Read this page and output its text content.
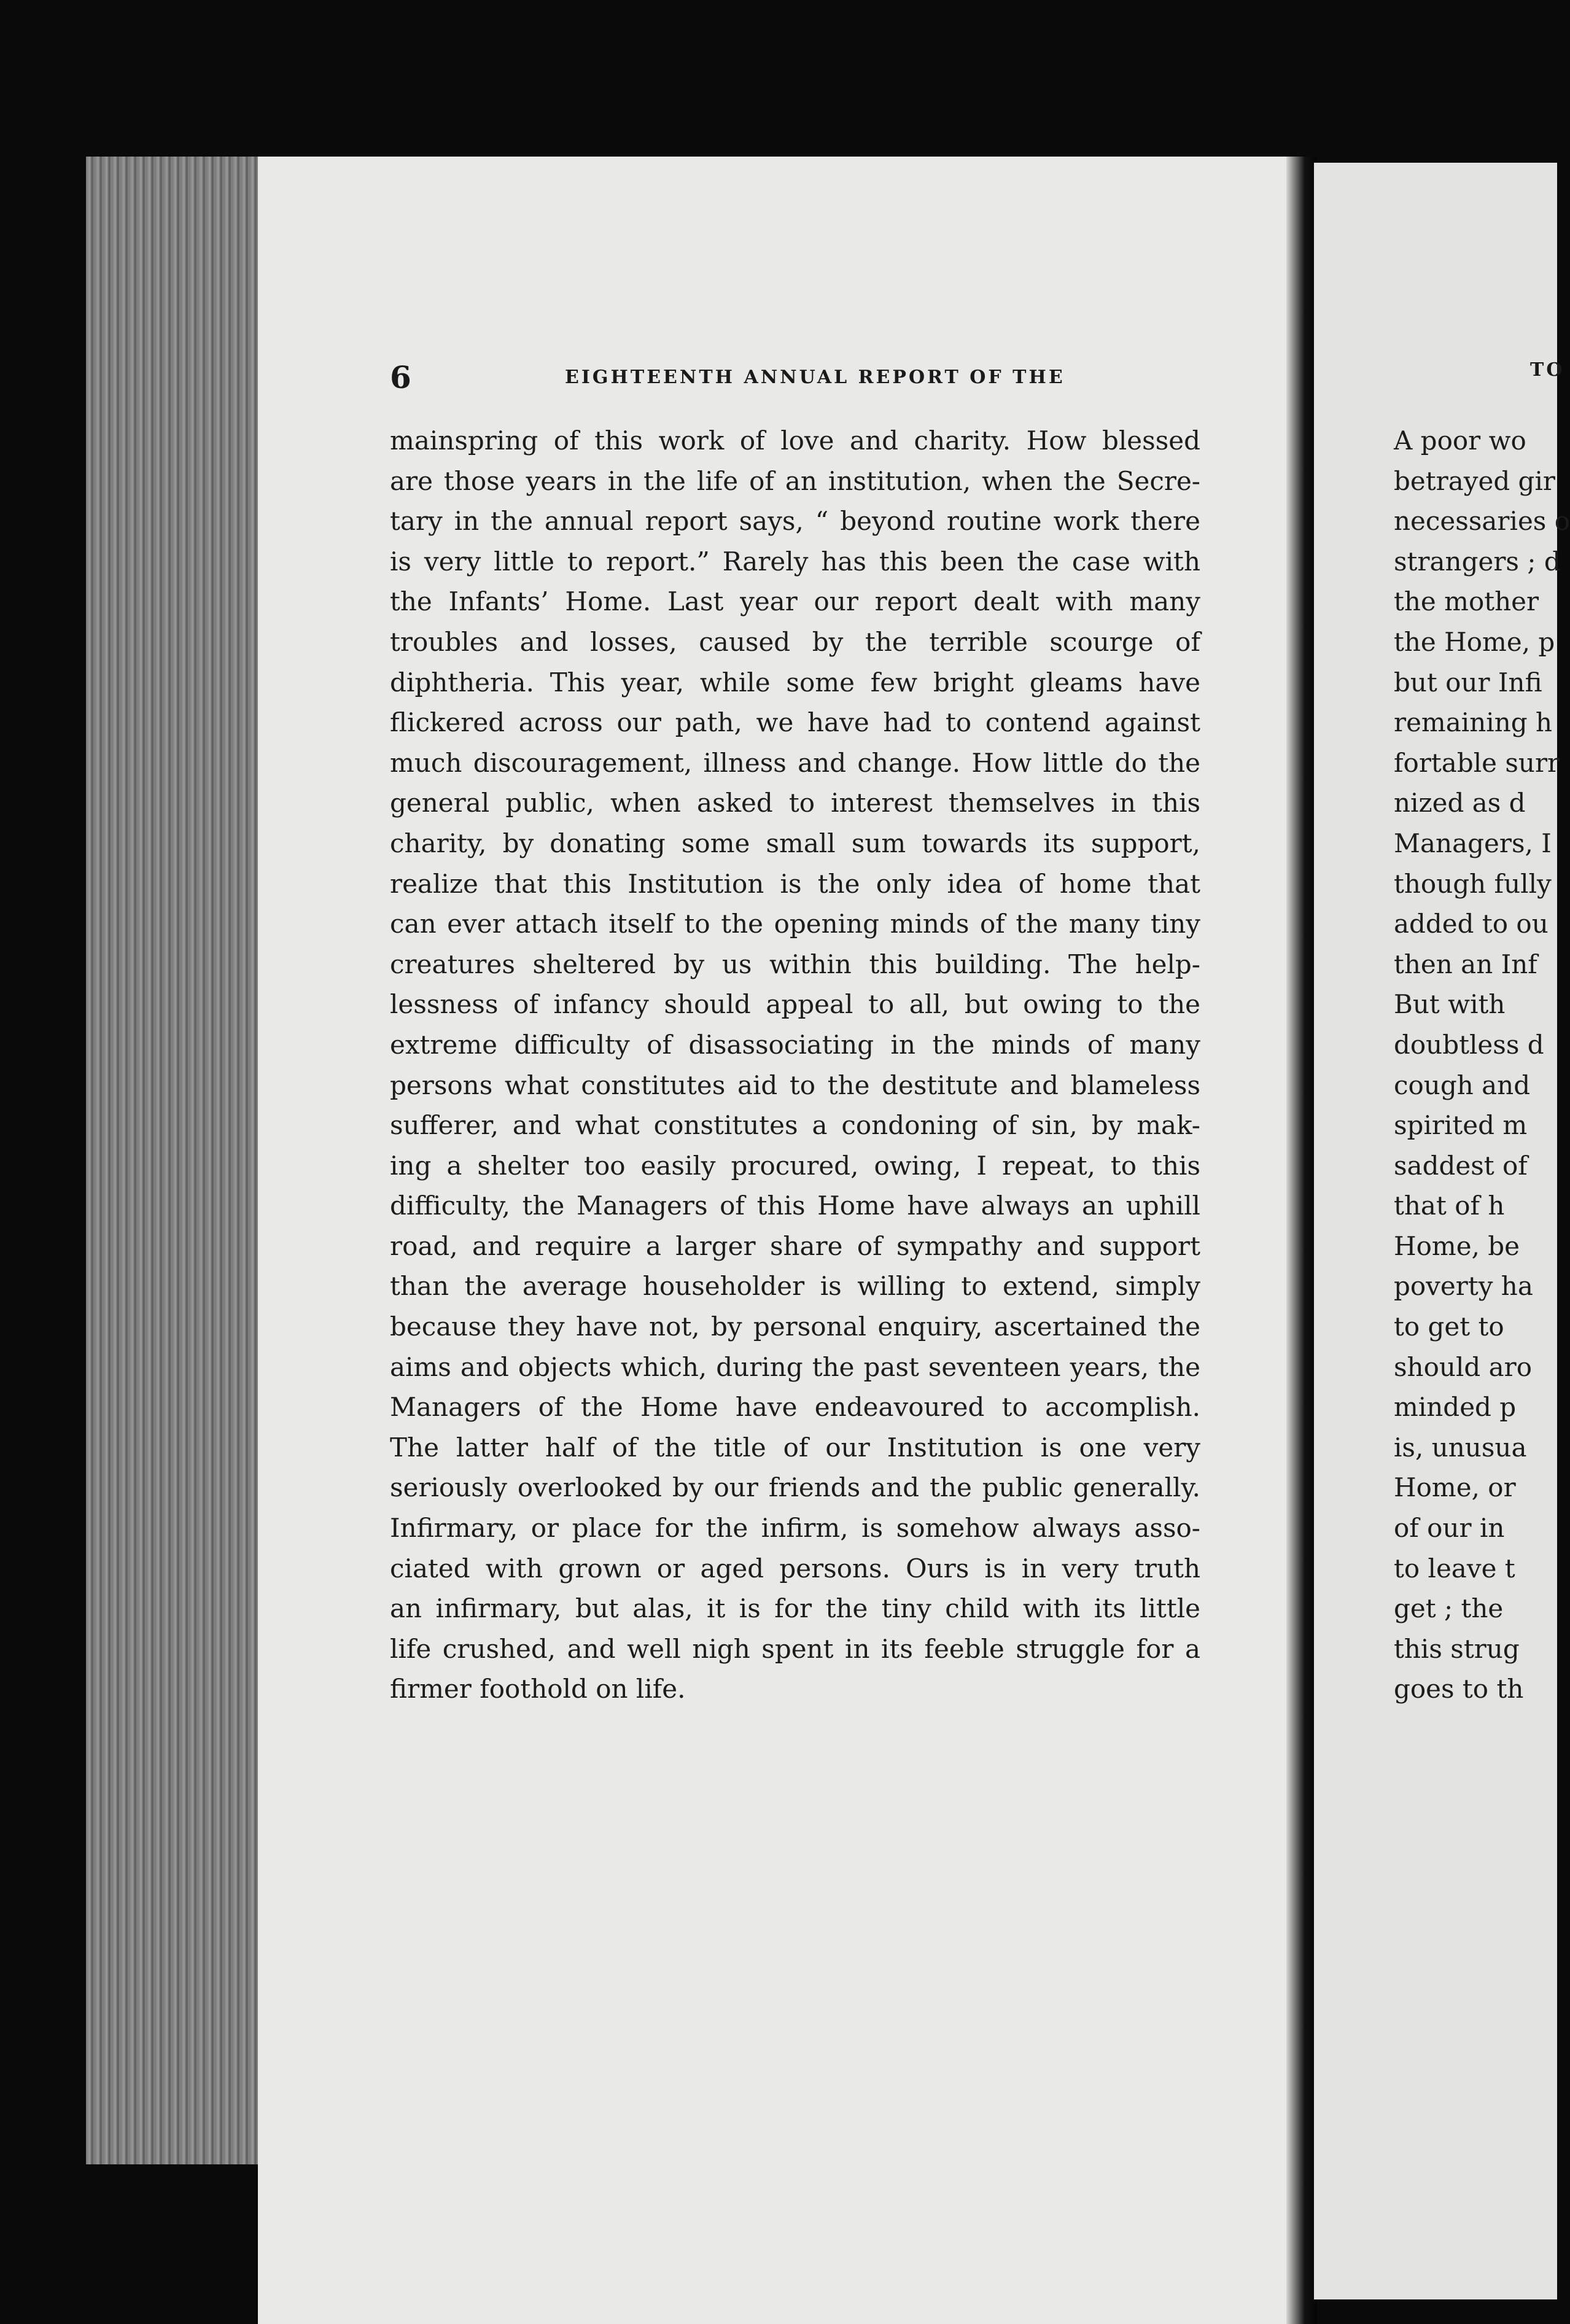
6	EIGHTEENTH ANNUAL REPORT OF THE
mainspring of this work of love and charity. How blessed
are those years in the life of an institution, when the Secre-
tary in the annual report says, “ beyond routine work there
is very little to report.” Rarely has this been the case with
the Infants’ Home. Last year our report dealt with many
troubles and losses, caused by the terrible scourge of
diphtheria. This year, while some few bright gleams have
flickered across our path, we have had to contend against
much discouragement, illness and change. How little do the
general public, when asked to interest themselves in this
charity, by donating some small sum towards its support,
realize that this Institution is the only idea of home that
can ever attach itself to the opening minds of the many tiny
creatures sheltered by us within this building. The help-
lessness of infancy should appeal to all, but owing to the
extreme difficulty of disassociating in the minds of many
persons what constitutes aid to the destitute and blameless
sufferer, and what constitutes a condoning of sin, by mak-
ing a shelter too easily procured, owing, I repeat, to this
difficulty, the Managers of this Home have always an uphill
road, and require a larger share of sympathy and support
than the average householder is willing to extend, simply
because they have not, by personal enquiry, ascertained the
aims and objects which, during the past seventeen years, the
Managers of the Home have endeavoured to accomplish.
The latter half of the title of our Institution is one very
seriously overlooked by our friends and the public generally.
Infirmary, or place for the infirm, is somehow always asso-
ciated with grown or aged persons. Ours is in very truth
an infirmary, but alas, it is for the tiny child with its little
life crushed, and well nigh spent in its feeble struggle for a
firmer foothold on life.
TO
A poor wo
betrayed gir
necessaries o
strangers ; d
the mother
the Home, p
but our Infi
remaining h
fortable surr
nized as d
Managers, I
though fully
added to ou
then an Inf
But with
doubtless d
cough and
spirited m
saddest of
that of h
Home, be
poverty ha
to get to
should aro
minded p
is, unusua
Home, or
of our in
to leave t
get ; the
this strug
goes to th
